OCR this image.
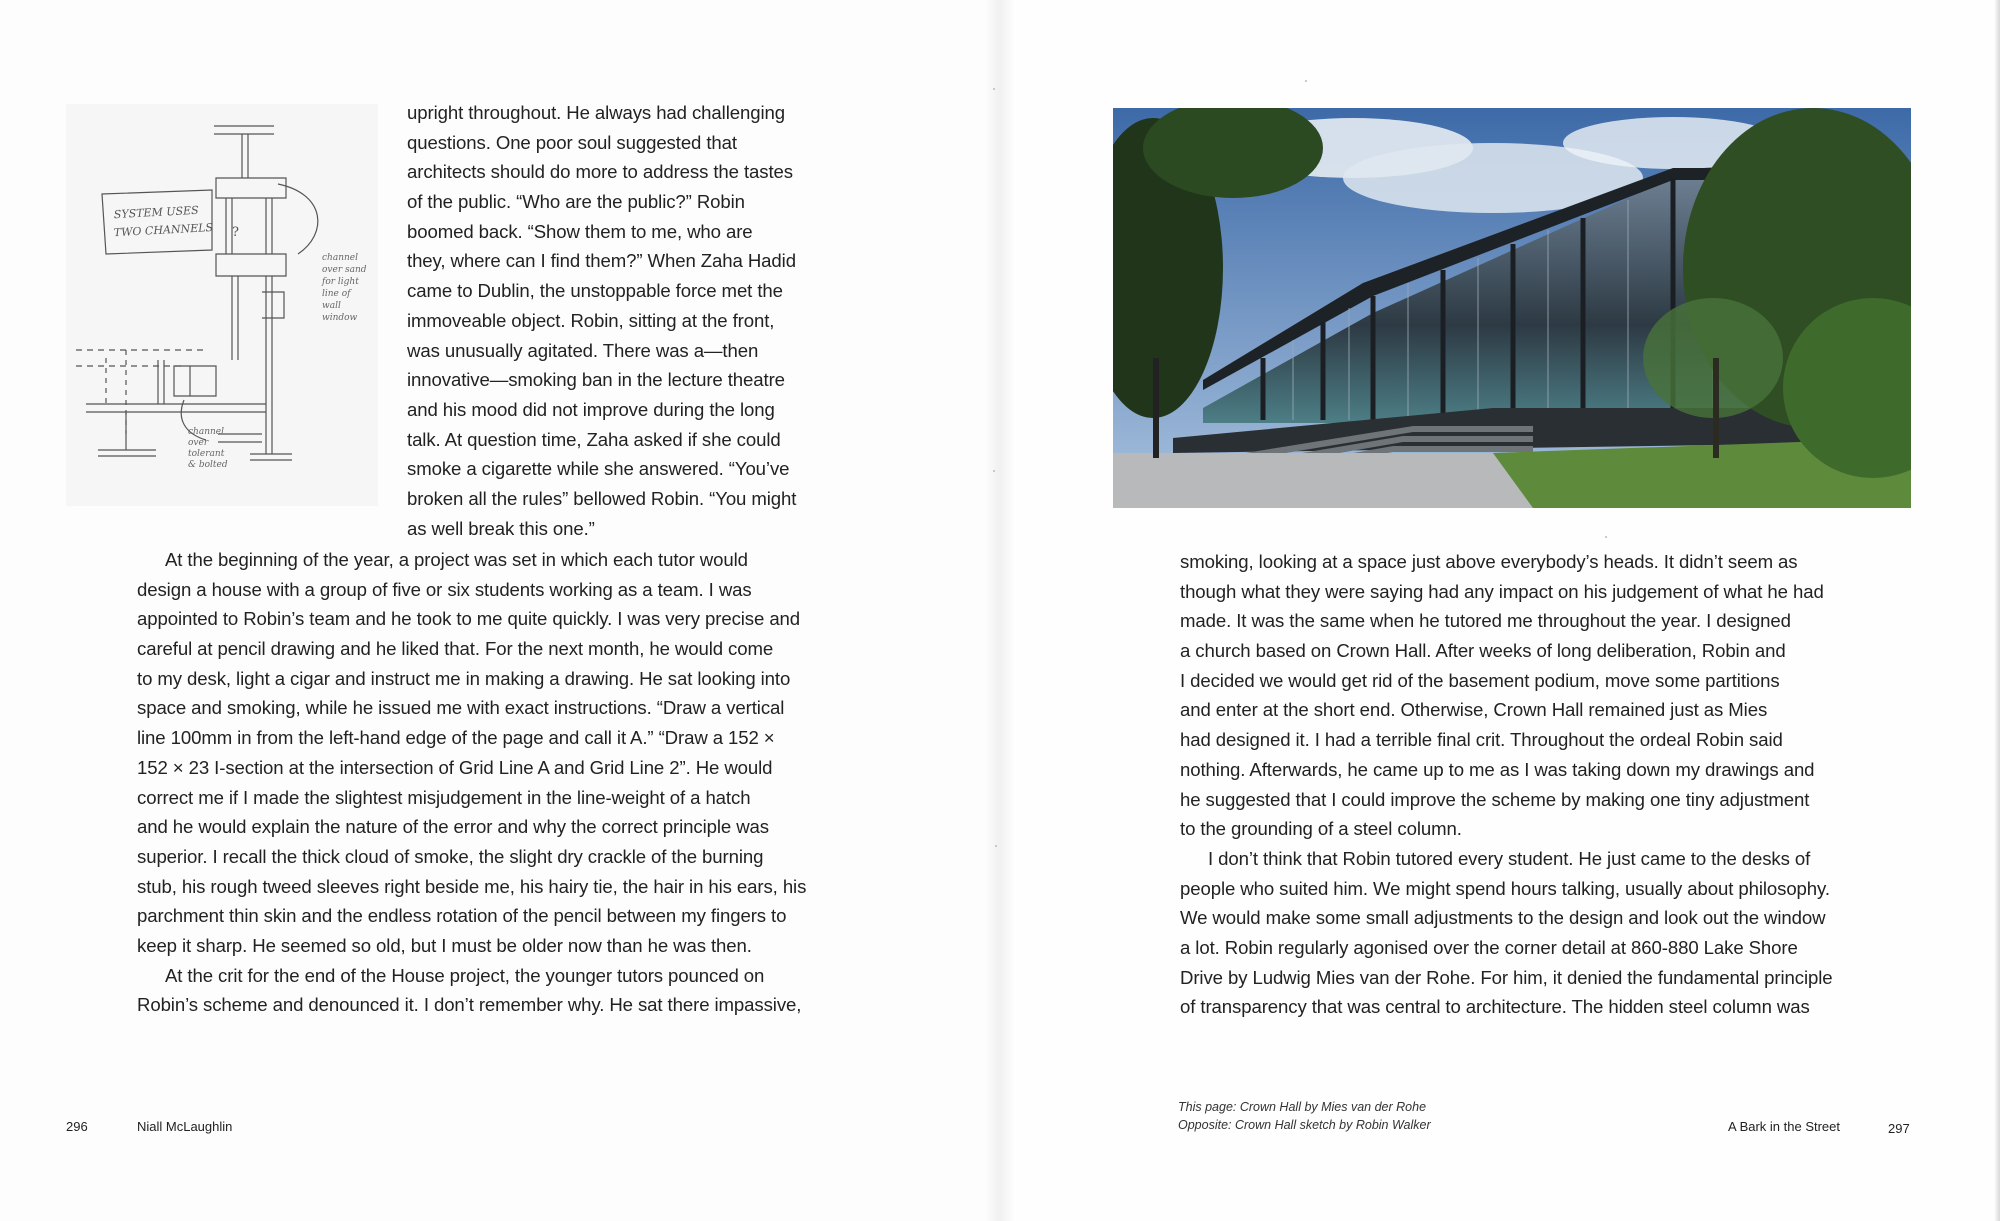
SYSTEM USES
TWO CHANNELS ?
channel
over sand
for light
line of
wall
window
channel
over
tolerant
& bolted
upright throughout. He always had challenging
questions. One poor soul suggested that
architects should do more to address the tastes
of the public. “Who are the public?” Robin
boomed back. “Show them to me, who are
they, where can I find them?” When Zaha Hadid
came to Dublin, the unstoppable force met the
immoveable object. Robin, sitting at the front,
was unusually agitated. There was a—then
innovative—smoking ban in the lecture theatre
and his mood did not improve during the long
talk. At question time, Zaha asked if she could
smoke a cigarette while she answered. “You’ve
broken all the rules” bellowed Robin. “You might
as well break this one.”
At the beginning of the year, a project was set in which each tutor would
design a house with a group of five or six students working as a team. I was
appointed to Robin’s team and he took to me quite quickly. I was very precise and
careful at pencil drawing and he liked that. For the next month, he would come
to my desk, light a cigar and instruct me in making a drawing. He sat looking into
space and smoking, while he issued me with exact instructions. “Draw a vertical
line 100mm in from the left-hand edge of the page and call it A.” “Draw a 152 ×
152 × 23 I-section at the intersection of Grid Line A and Grid Line 2”. He would
correct me if I made the slightest misjudgement in the line-weight of a hatch
and he would explain the nature of the error and why the correct principle was
superior. I recall the thick cloud of smoke, the slight dry crackle of the burning
stub, his rough tweed sleeves right beside me, his hairy tie, the hair in his ears, his
parchment thin skin and the endless rotation of the pencil between my fingers to
keep it sharp. He seemed so old, but I must be older now than he was then.
At the crit for the end of the House project, the younger tutors pounced on
Robin’s scheme and denounced it. I don’t remember why. He sat there impassive,
296	Niall McLaughlin
smoking, looking at a space just above everybody’s heads. It didn’t seem as
though what they were saying had any impact on his judgement of what he had
made. It was the same when he tutored me throughout the year. I designed
a church based on Crown Hall. After weeks of long deliberation, Robin and
I decided we would get rid of the basement podium, move some partitions
and enter at the short end. Otherwise, Crown Hall remained just as Mies
had designed it. I had a terrible final crit. Throughout the ordeal Robin said
nothing. Afterwards, he came up to me as I was taking down my drawings and
he suggested that I could improve the scheme by making one tiny adjustment
to the grounding of a steel column.
I don’t think that Robin tutored every student. He just came to the desks of
people who suited him. We might spend hours talking, usually about philosophy.
We would make some small adjustments to the design and look out the window
a lot. Robin regularly agonised over the corner detail at 860-880 Lake Shore
Drive by Ludwig Mies van der Rohe. For him, it denied the fundamental principle
of transparency that was central to architecture. The hidden steel column was
This page: Crown Hall by Mies van der Rohe
Opposite: Crown Hall sketch by Robin Walker	A Bark in the Street	297
